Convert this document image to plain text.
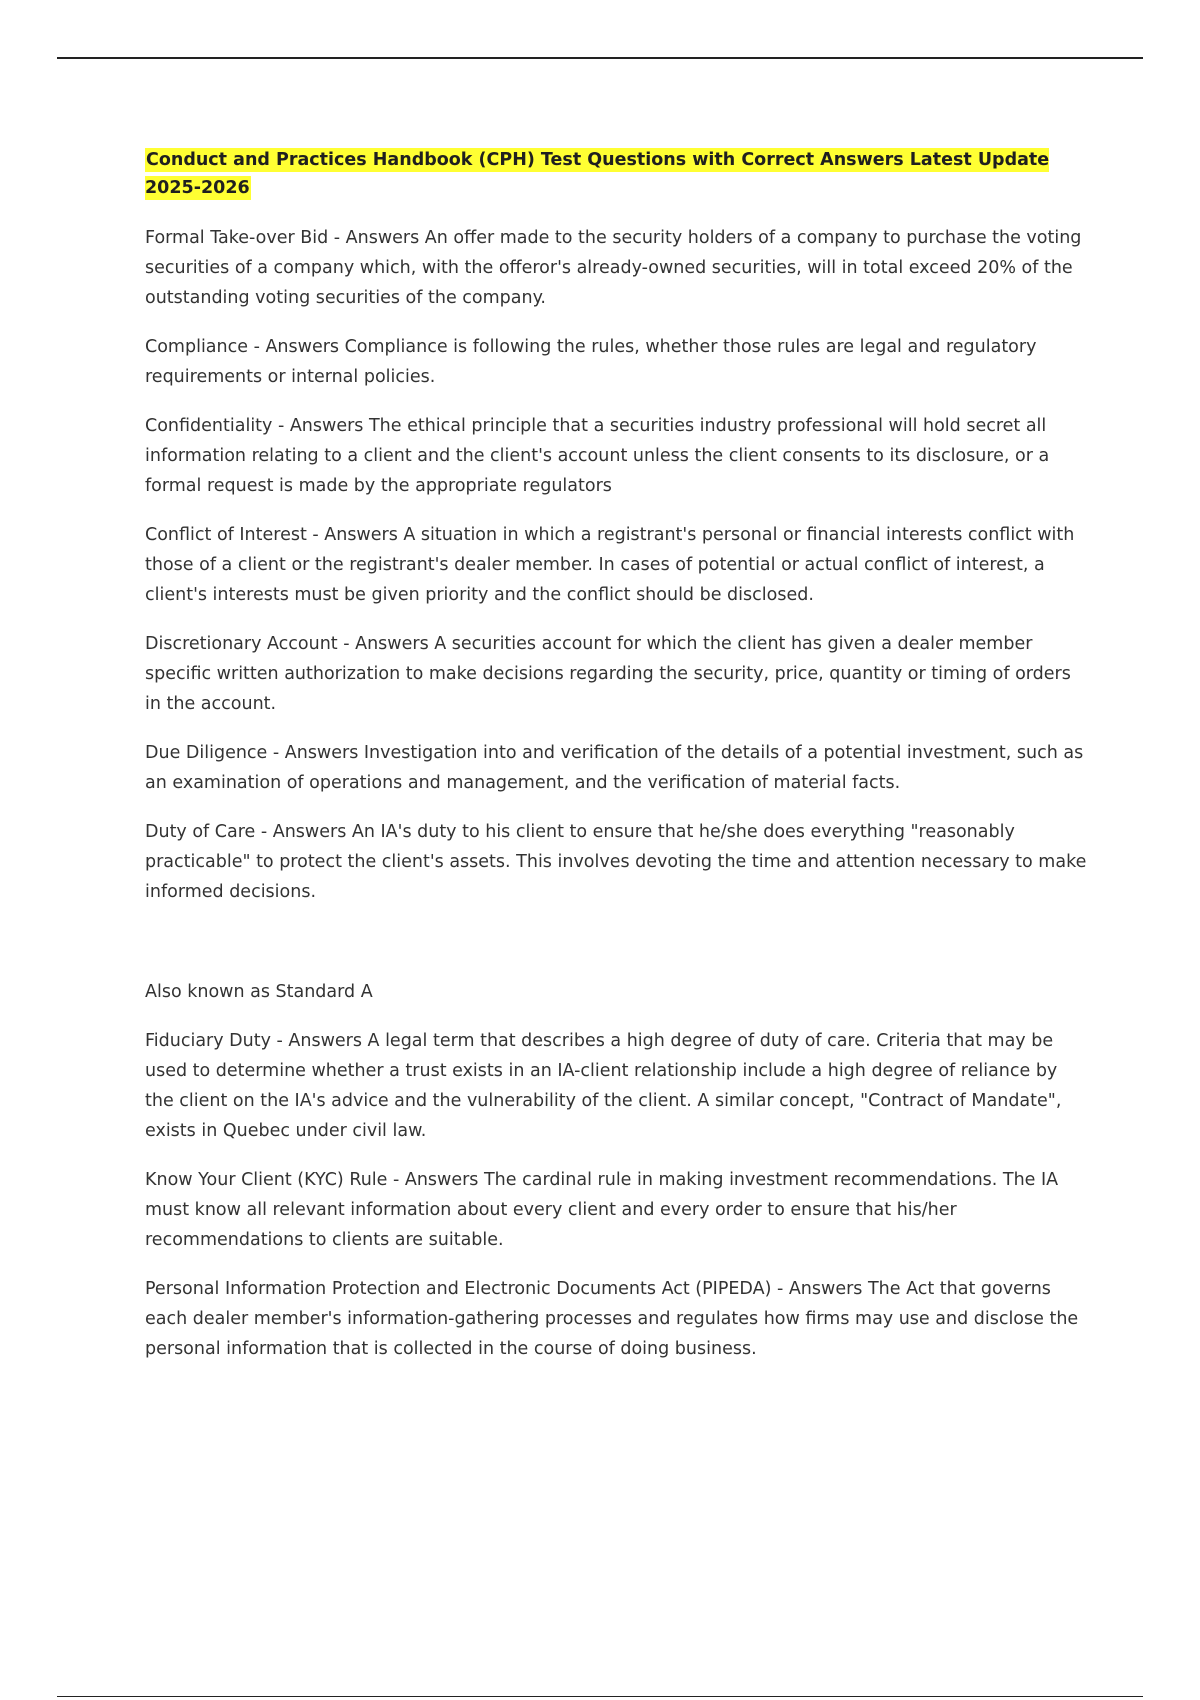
Conduct and Practices Handbook (CPH) Test Questions with Correct Answers Latest Update 2025-2026

Formal Take-over Bid - Answers An offer made to the security holders of a company to purchase the voting securities of a company which, with the offeror's already-owned securities, will in total exceed 20% of the outstanding voting securities of the company.

Compliance - Answers Compliance is following the rules, whether those rules are legal and regulatory requirements or internal policies.

Confidentiality - Answers The ethical principle that a securities industry professional will hold secret all information relating to a client and the client's account unless the client consents to its disclosure, or a formal request is made by the appropriate regulators

Conflict of Interest - Answers A situation in which a registrant's personal or financial interests conflict with those of a client or the registrant's dealer member. In cases of potential or actual conflict of interest, a client's interests must be given priority and the conflict should be disclosed.

Discretionary Account - Answers A securities account for which the client has given a dealer member specific written authorization to make decisions regarding the security, price, quantity or timing of orders in the account.

Due Diligence - Answers Investigation into and verification of the details of a potential investment, such as an examination of operations and management, and the verification of material facts.

Duty of Care - Answers An IA's duty to his client to ensure that he/she does everything "reasonably practicable" to protect the client's assets. This involves devoting the time and attention necessary to make informed decisions.

Also known as Standard A

Fiduciary Duty - Answers A legal term that describes a high degree of duty of care. Criteria that may be used to determine whether a trust exists in an IA-client relationship include a high degree of reliance by the client on the IA's advice and the vulnerability of the client. A similar concept, "Contract of Mandate", exists in Quebec under civil law.

Know Your Client (KYC) Rule - Answers The cardinal rule in making investment recommendations. The IA must know all relevant information about every client and every order to ensure that his/her recommendations to clients are suitable.

Personal Information Protection and Electronic Documents Act (PIPEDA) - Answers The Act that governs each dealer member's information-gathering processes and regulates how firms may use and disclose the personal information that is collected in the course of doing business.
